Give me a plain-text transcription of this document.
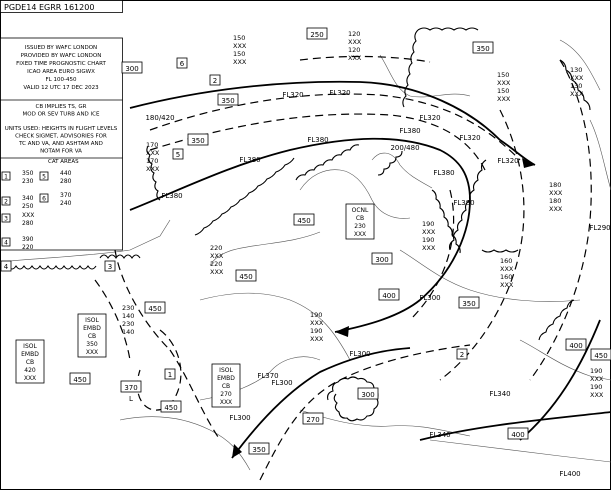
PGDE14 EGRR 161200
ISSUED BY WAFC LONDON
PROVIDED BY WAFC LONDON
FIXED TIME PROGNOSTIC CHART
ICAO AREA EURO SIGWX
FL 100-450
VALID 12 UTC 17 DEC 2023
CB IMPLIES TS, GR
MOD OR SEV TURB AND ICE
UNITS USED: HEIGHTS IN FLIGHT LEVELS
CHECK SIGMET, ADVISORIES FOR
TC AND VA, AND ASHTAM AND
NOTAM FOR VA
CAT AREAS
1 350
230
2 340
250
3 XXX
280
4 390
220
5 440
280
6 370
240
250
300
350
350
450
450
450
450
400
350
400
450
370
300
270
400
350
450
300
350
FL320	FL320
FL380
FL380
FL380
FL320
FL320
FL380
FL380
FL380
FL300
FL340
FL340
FL400
FL300
FL370
FL300
FL290
180/420
200/480
FL320
FL300
150
XXX
150
XXX
120
XXX
120
XXX
150
XXX
150
XXX
130
XXX
130
XXX
170
XXX
170
XXX
180
XXX
180
XXX
190
XXX
190
XXX
220
XXX
220
XXX
160
XXX
160
XXX
230
140
230
140
190
XXX
190
XXX
190
XXX
190
XXX
OCNL
CB
230
XXX
ISOL
EMBD
CB
350
XXX
ISOL
EMBD
CB
420
XXX
ISOL
EMBD
CB
270
XXX
1
2
3
4
5
6
2
L
